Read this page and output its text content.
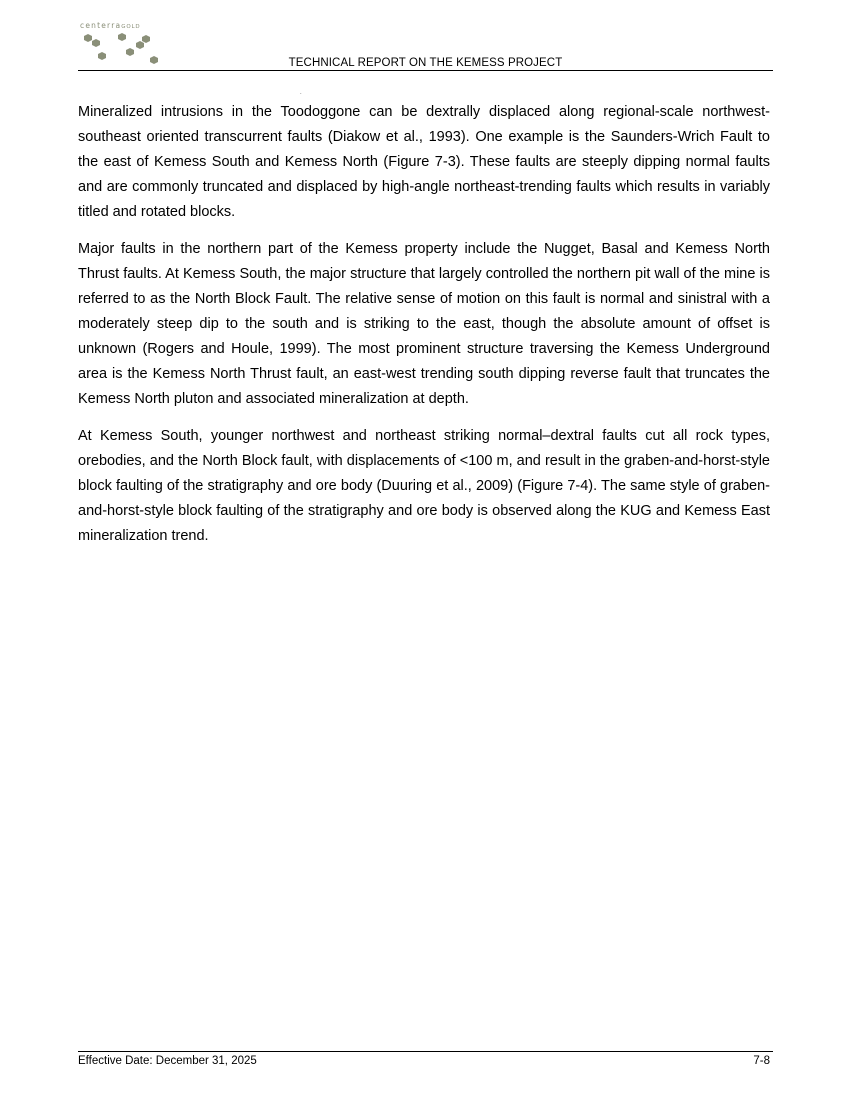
centerraGOLD
TECHNICAL REPORT ON THE KEMESS PROJECT
.

Mineralized intrusions in the Toodoggone can be dextrally displaced along regional-scale northwest-southeast oriented transcurrent faults (Diakow et al., 1993). One example is the Saunders-Wrich Fault to the east of Kemess South and Kemess North (Figure 7-3). These faults are steeply dipping normal faults and are commonly truncated and displaced by high-angle northeast-trending faults which results in variably titled and rotated blocks.

Major faults in the northern part of the Kemess property include the Nugget, Basal and Kemess North Thrust faults. At Kemess South, the major structure that largely controlled the northern pit wall of the mine is referred to as the North Block Fault. The relative sense of motion on this fault is normal and sinistral with a moderately steep dip to the south and is striking to the east, though the absolute amount of offset is unknown (Rogers and Houle, 1999). The most prominent structure traversing the Kemess Underground area is the Kemess North Thrust fault, an east-west trending south dipping reverse fault that truncates the Kemess North pluton and associated mineralization at depth.

At Kemess South, younger northwest and northeast striking normal–dextral faults cut all rock types, orebodies, and the North Block fault, with displacements of <100 m, and result in the graben-and-horst-style block faulting of the stratigraphy and ore body (Duuring et al., 2009) (Figure 7-4). The same style of graben-and-horst-style block faulting of the stratigraphy and ore body is observed along the KUG and Kemess East mineralization trend.

Effective Date: December 31, 2025	7-8
